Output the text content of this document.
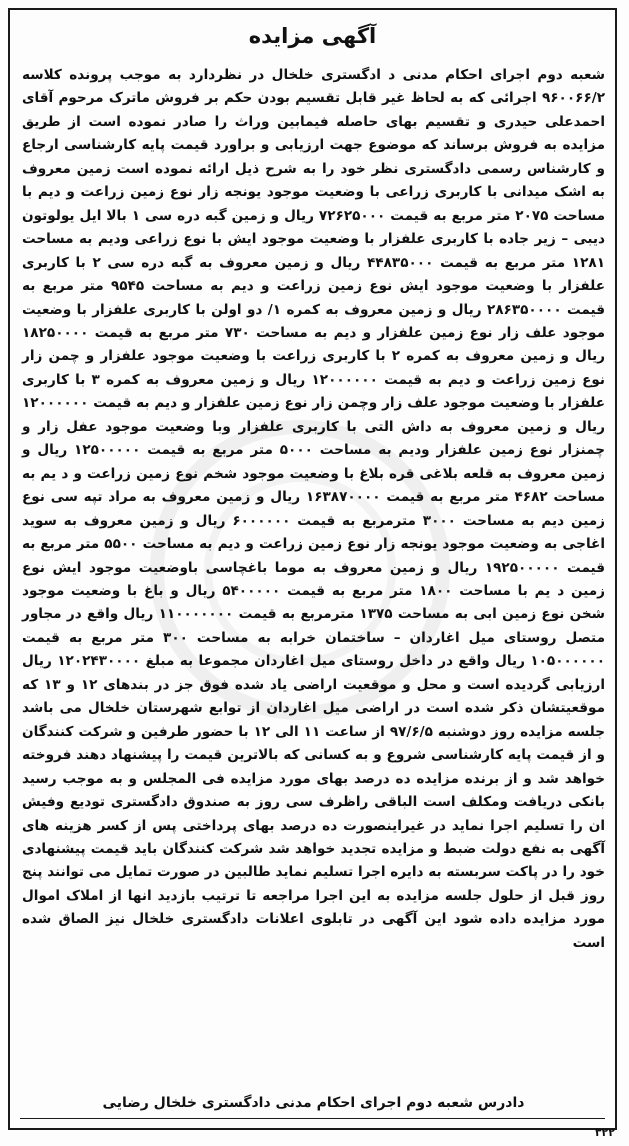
آگهی مزایده
شعبه دوم اجرای احکام مدنی د ادگستری خلخال در نظردارد به موجب پرونده کلاسه ۹۶۰۰۶۶/۲ اجرائی که به لحاظ غیر قابل تقسیم بودن حکم بر فروش ماترک مرحوم آقای احمدعلی حیدری و تقسیم بهای حاصله فیمابین وراث را صادر نموده است از طریق مزایده به فروش برساند که موضوع جهت ارزیابی و براورد قیمت پایه کارشناسی ارجاع و کارشناس رسمی دادگستری نظر خود را به شرح ذیل ارائه نموده است زمین معروف به اشک میدانی با کاربری زراعی با وضعیت موجود یونجه زار نوع زمین زراعت و دیم با مساحت ۲۰۷۵ متر مربع به قیمت ۷۲۶۲۵۰۰۰ ریال و زمین گبه دره سی ۱ بالا ایل یولوتون دیبی – زیر جاده با کاربری علفزار با وضعیت موجود ایش با نوع زراعی ودیم به مساحت ۱۲۸۱ متر مربع به قیمت ۴۴۸۳۵۰۰۰ ریال و زمین معروف به گبه دره سی ۲ با کاربری علفزار با وضعیت موجود ایش نوع زمین زراعت و دیم به مساحت ۹۵۴۵ متر مربع به قیمت ۲۸۶۳۵۰۰۰۰ ریال و زمین معروف به کمره ۱/ دو اولن با کاربری علفزار با وضعیت موجود علف زار نوع زمین علفزار و دیم به مساحت ۷۳۰ متر مربع به قیمت ۱۸۲۵۰۰۰۰ ریال و زمین معروف به کمره ۲ با کاربری زراعت با وضعیت موجود علفزار و چمن زار نوع زمین زراعت و دیم به قیمت ۱۲۰۰۰۰۰۰ ریال و زمین معروف به کمره ۳ با کاربری علفزار با وضعیت موجود علف زار وچمن زار نوع زمین علفزار و دیم به قیمت ۱۲۰۰۰۰۰۰ ریال و زمین معروف به داش التی با کاربری علفزار وبا وضعیت موجود عفل زار و چمنزار نوع زمین علفزار ودیم به مساحت ۵۰۰۰ متر مربع به قیمت ۱۲۵۰۰۰۰۰ ریال و زمین معروف به قلعه بلاغی قره بلاغ با وضعیت موجود شخم نوع زمین زراعت و د یم به مساحت ۴۶۸۲ متر مربع به قیمت ۱۶۳۸۷۰۰۰۰ ریال و زمین معروف به مراد تپه سی نوع زمین دیم به مساحت ۳۰۰۰ مترمربع به قیمت ۶۰۰۰۰۰۰ ریال و زمین معروف به سوید اغاجی به وضعیت موجود یونجه زار نوع زمین زراعت و دیم به مساحت ۵۵۰۰ متر مربع به قیمت ۱۹۲۵۰۰۰۰۰ ریال و زمین معروف به موما باغچاسی باوضعیت موجود ایش نوع زمین د یم با مساحت ۱۸۰۰ متر مربع به قیمت ۵۴۰۰۰۰۰ ریال و باغ با وضعیت موجود شخن نوع زمین ابی به مساحت ۱۳۷۵ مترمربع به قیمت ۱۱۰۰۰۰۰۰۰ ریال واقع در مجاور متصل روستای میل اغاردان – ساختمان خرابه به مساحت ۳۰۰ متر مربع به قیمت ۱۰۵۰۰۰۰۰۰ ریال واقع در داخل روستای میل اغاردان مجموعا به مبلغ ۱۲۰۲۴۳۰۰۰۰ ریال ارزیابی گردیده است و محل و موقعیت اراضی یاد شده فوق جز در بندهای ۱۲ و ۱۳ که موقعیتشان ذکر شده است در اراضی میل اغاردان از توابع شهرستان خلخال می باشد جلسه مزایده روز دوشنبه ۹۷/۶/۵ از ساعت ۱۱ الی ۱۲ با حضور طرفین و شرکت کنندگان و از قیمت پایه کارشناسی شروع و به کسانی که بالاترین قیمت را پیشنهاد دهند فروخته خواهد شد و از برنده مزایده ده درصد بهای مورد مزایده فی المجلس و به موجب رسید بانکی دریافت ومکلف است الباقی راظرف سی روز به صندوق دادگستری تودیع وفیش ان را تسلیم اجرا نماید در غیراینصورت ده درصد بهای پرداختی پس از کسر هزینه های آگهی به نفع دولت ضبط و مزایده تجدید خواهد شد شرکت کنندگان باید قیمت پیشنهادی خود را در پاکت سربسته به دایره اجرا تسلیم نماید طالبین در صورت تمایل می توانند پنج روز قبل از حلول جلسه مزایده به این اجرا مراجعه تا ترتیب بازدید انها از املاک اموال مورد مزایده داده شود این آگهی در تابلوی اعلانات دادگستری خلخال نیز الصاق شده است
دادرس شعبه دوم اجرای احکام مدنی دادگستری خلخال رضایی
۳۲۲
